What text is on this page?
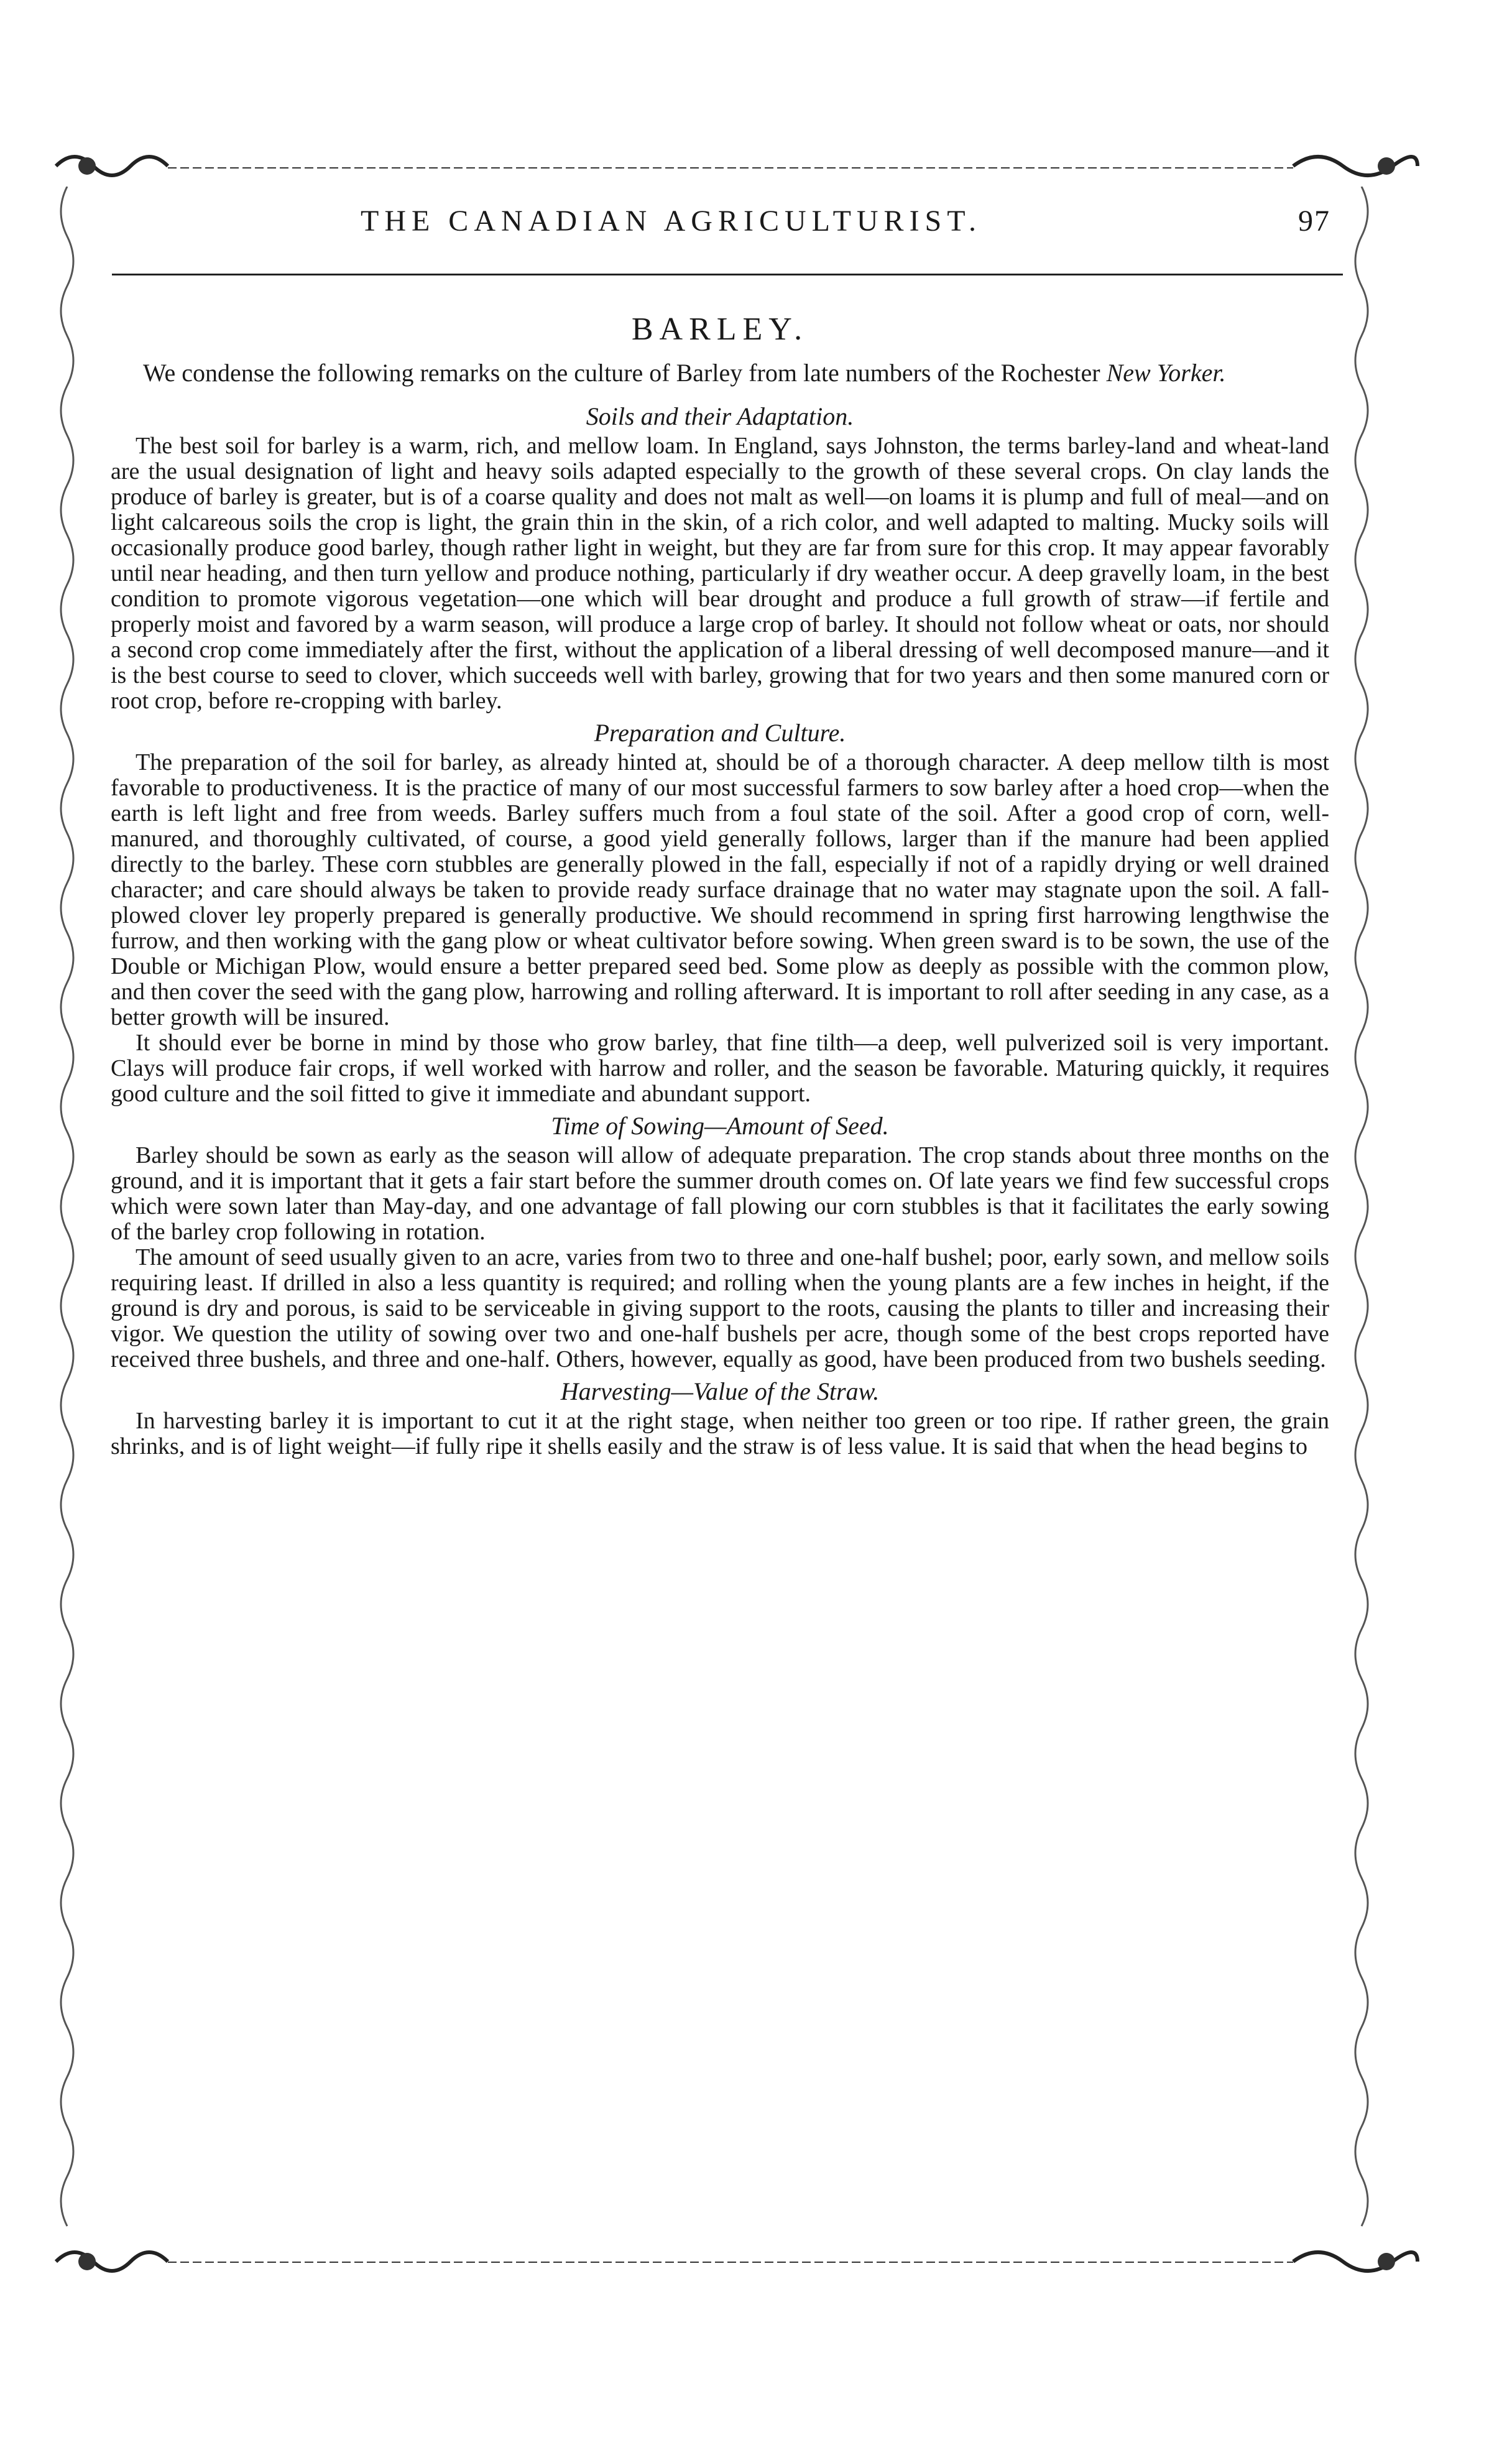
THE CANADIAN AGRICULTURIST.	97
BARLEY.

We condense the following remarks on the culture of Barley from late numbers of the Rochester New Yorker.

Soils and their Adaptation.

The best soil for barley is a warm, rich, and mellow loam. In England, says Johnston, the terms barley-land and wheat-land are the usual designation of light and heavy soils adapted especially to the growth of these several crops. On clay lands the produce of barley is greater, but is of a coarse quality and does not malt as well—on loams it is plump and full of meal—and on light calcareous soils the crop is light, the grain thin in the skin, of a rich color, and well adapted to malting. Mucky soils will occasionally produce good barley, though rather light in weight, but they are far from sure for this crop. It may appear favorably until near heading, and then turn yellow and produce nothing, particularly if dry weather occur. A deep gravelly loam, in the best condition to promote vigorous vegetation—one which will bear drought and produce a full growth of straw—if fertile and properly moist and favored by a warm season, will produce a large crop of barley. It should not follow wheat or oats, nor should a second crop come immediately after the first, without the application of a liberal dressing of well decomposed manure—and it is the best course to seed to clover, which succeeds well with barley, growing that for two years and then some manured corn or root crop, before re-cropping with barley.

Preparation and Culture.

The preparation of the soil for barley, as already hinted at, should be of a thorough character. A deep mellow tilth is most favorable to productiveness. It is the practice of many of our most successful farmers to sow barley after a hoed crop—when the earth is left light and free from weeds. Barley suffers much from a foul state of the soil. After a good crop of corn, well-manured, and thoroughly cultivated, of course, a good yield generally follows, larger than if the manure had been applied directly to the barley. These corn stubbles are generally plowed in the fall, especially if not of a rapidly drying or well drained character; and care should always be taken to provide ready surface drainage that no water may stagnate upon the soil. A fall-plowed clover ley properly prepared is generally productive. We should recommend in spring first harrowing lengthwise the furrow, and then working with the gang plow or wheat cultivator before sowing. When green sward is to be sown, the use of the Double or Michigan Plow, would ensure a better prepared seed bed. Some plow as deeply as possible with the common plow, and then cover the seed with the gang plow, harrowing and rolling afterward. It is important to roll after seeding in any case, as a better growth will be insured.

It should ever be borne in mind by those who grow barley, that fine tilth—a deep, well pulverized soil is very important. Clays will produce fair crops, if well worked with harrow and roller, and the season be favorable. Maturing quickly, it requires good culture and the soil fitted to give it immediate and abundant support.

Time of Sowing—Amount of Seed.

Barley should be sown as early as the season will allow of adequate preparation. The crop stands about three months on the ground, and it is important that it gets a fair start before the summer drouth comes on. Of late years we find few successful crops which were sown later than May-day, and one advantage of fall plowing our corn stubbles is that it facilitates the early sowing of the barley crop following in rotation.

The amount of seed usually given to an acre, varies from two to three and one-half bushel; poor, early sown, and mellow soils requiring least. If drilled in also a less quantity is required; and rolling when the young plants are a few inches in height, if the ground is dry and porous, is said to be serviceable in giving support to the roots, causing the plants to tiller and increasing their vigor. We question the utility of sowing over two and one-half bushels per acre, though some of the best crops reported have received three bushels, and three and one-half. Others, however, equally as good, have been produced from two bushels seeding.

Harvesting—Value of the Straw.

In harvesting barley it is important to cut it at the right stage, when neither too green or too ripe. If rather green, the grain shrinks, and is of light weight—if fully ripe it shells easily and the straw is of less value. It is said that when the head begins to
